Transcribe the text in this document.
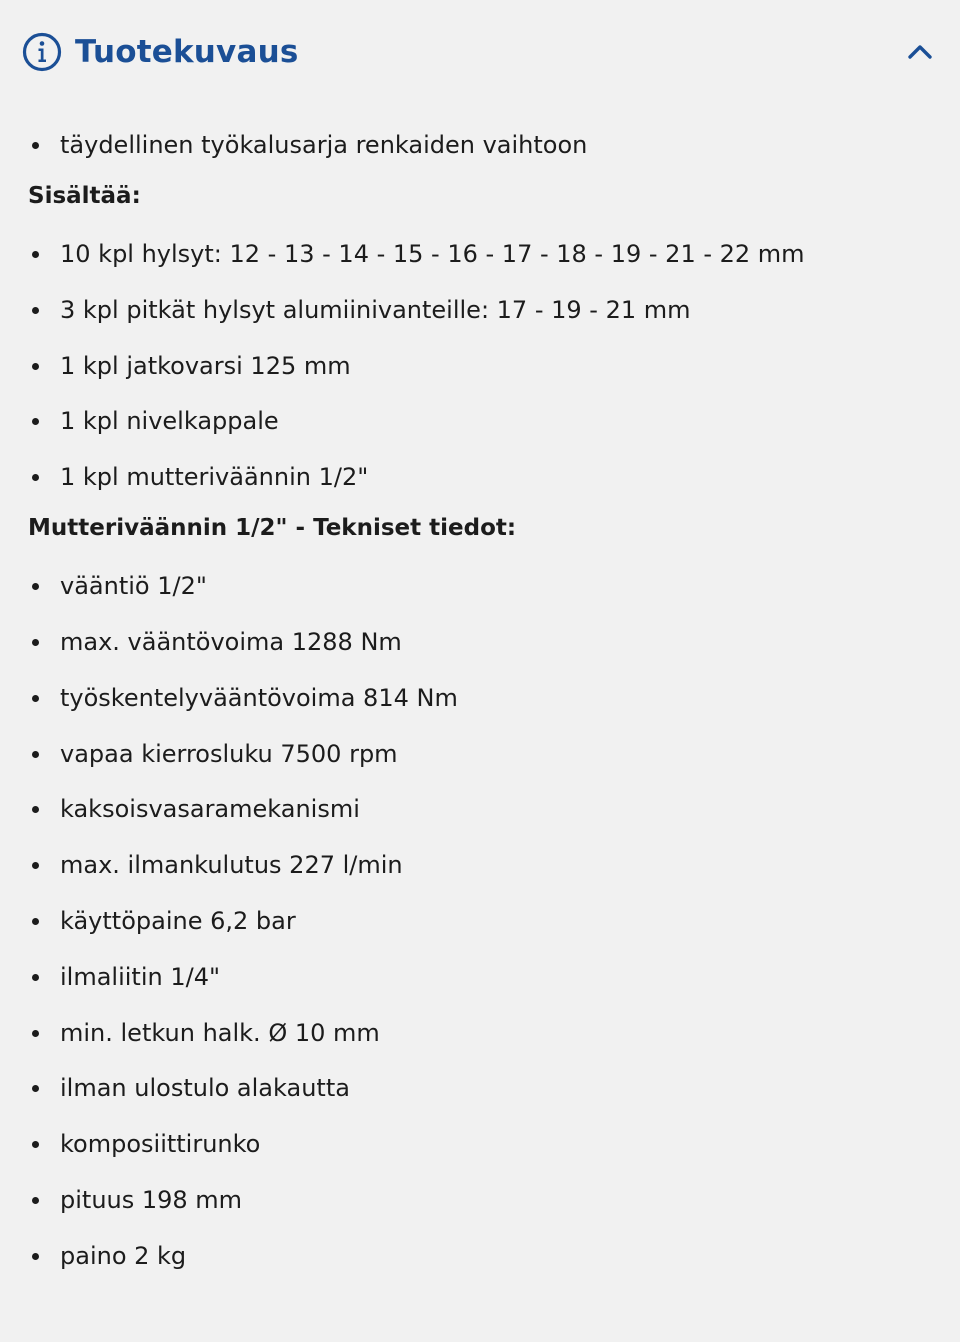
Tuotekuvaus
täydellinen työkalusarja renkaiden vaihtoon
Sisältää:
10 kpl hylsyt: 12 - 13 - 14 - 15 - 16 - 17 - 18 - 19 - 21 - 22 mm
3 kpl pitkät hylsyt alumiinivanteille: 17 - 19 - 21 mm
1 kpl jatkovarsi 125 mm
1 kpl nivelkappale
1 kpl mutteriväännin 1/2"
Mutteriväännin 1/2" - Tekniset tiedot:
vääntiö 1/2"
max. vääntövoima 1288 Nm
työskentelyvääntövoima 814 Nm
vapaa kierrosluku 7500 rpm
kaksoisvasaramekanismi
max. ilmankulutus 227 l/min
käyttöpaine 6,2 bar
ilmaliitin 1/4"
min. letkun halk. Ø 10 mm
ilman ulostulo alakautta
komposiittirunko
pituus 198 mm
paino 2 kg
